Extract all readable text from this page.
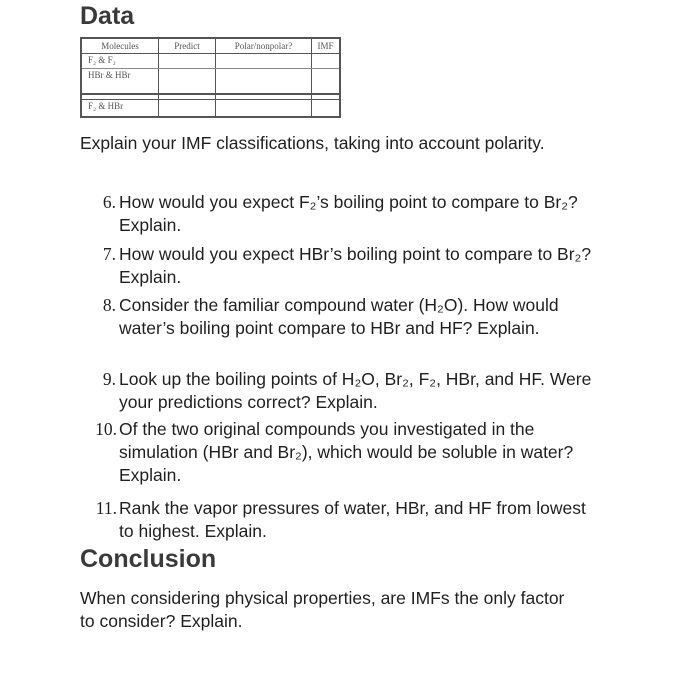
Data
Molecules	Predict	Polar/nonpolar?	IMF
F₂ & F₂			
HBr & HBr			

F₂ & HBr			

Explain your IMF classifications, taking into account polarity.

6. How would you expect F₂’s boiling point to compare to Br₂? Explain.
7. How would you expect HBr’s boiling point to compare to Br₂? Explain.
8. Consider the familiar compound water (H₂O). How would water’s boiling point compare to HBr and HF? Explain.
9. Look up the boiling points of H₂O, Br₂, F₂, HBr, and HF. Were your predictions correct? Explain.
10. Of the two original compounds you investigated in the simulation (HBr and Br₂), which would be soluble in water? Explain.
11. Rank the vapor pressures of water, HBr, and HF from lowest to highest. Explain.
Conclusion

When considering physical properties, are IMFs the only factor to consider? Explain.
